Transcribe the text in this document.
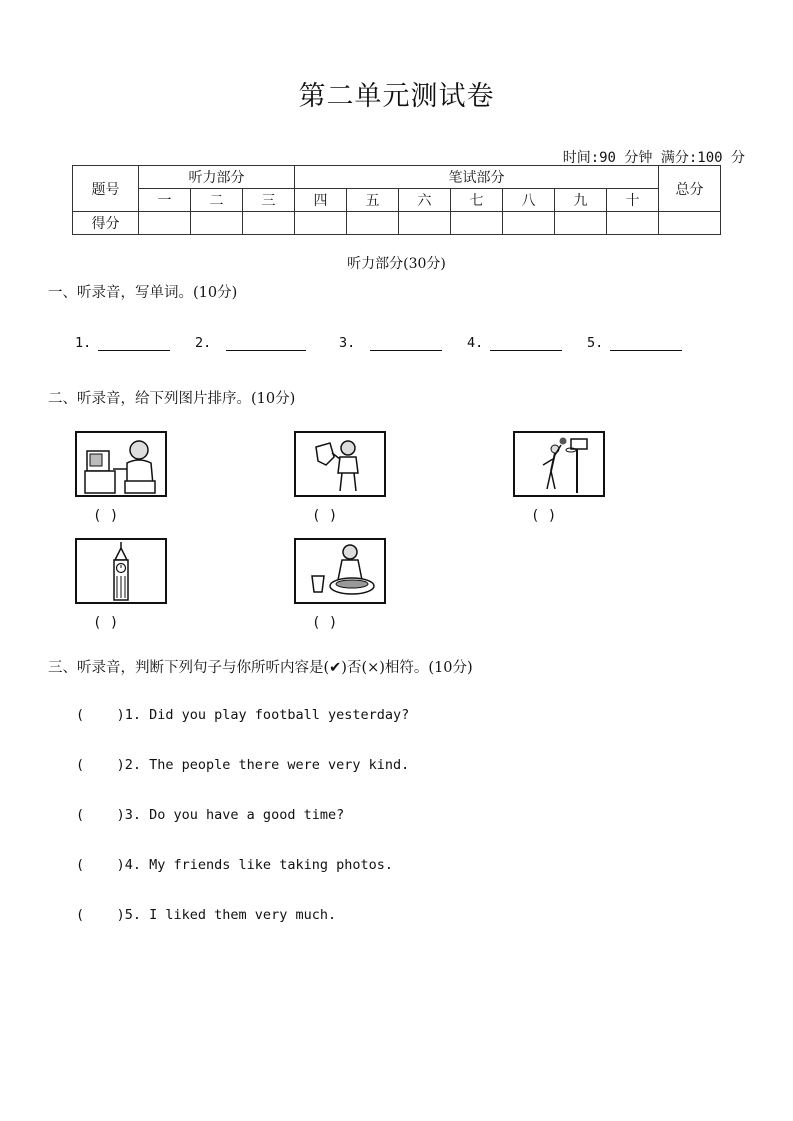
第二单元测试卷
时间:90 分钟 满分:100 分
题号	听力部分			笔试部分							总分
	一	二	三	四	五	六	七	八	九	十	
得分											
听力部分(30分)
一、听录音，写单词。(10分)
1.	2.	3.	4.	5.
二、听录音，给下列图片排序。(10分)
( )	( )	( )
( )	( )
三、听录音，判断下列句子与你所听内容是(✔)否(×)相符。(10分)
(    )1. Did you play football yesterday?
(    )2. The people there were very kind.
(    )3. Do you have a good time?
(    )4. My friends like taking photos.
(    )5. I liked them very much.
